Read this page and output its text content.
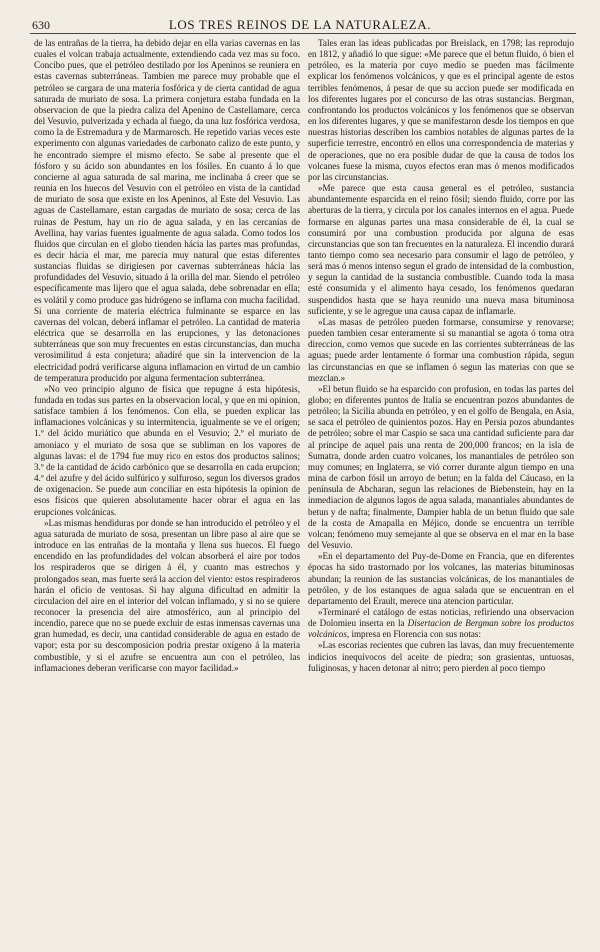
630	LOS TRES REINOS DE LA NATURALEZA.

de las entrañas de la tierra, ha debido dejar en ella varias cavernas en las cuales el volcan trabaja actualmente, extendiendo cada vez mas su foco. Concibo pues, que el petróleo destilado por los Apeninos se reuniera en estas cavernas subterráneas. Tambien me parece muy probable que el petróleo se cargara de una materia fosfórica y de cierta cantidad de agua saturada de muriato de sosa. La primera conjetura estaba fundada en la observacion de que la piedra caliza del Apenino de Castellamare, cerca del Vesuvio, pulverizada y echada al fuego, da una luz fosfórica verdosa, como la de Estremadura y de Marmarosch. He repetido varias veces este experimento con algunas variedades de carbonato calizo de este punto, y he encontrado siempre el mismo efecto. Se sabe al presente que el fósforo y su ácido son abundantes en los fósiles. En cuanto á lo que concierne al agua saturada de sal marina, me inclinaba á creer que se reunia en los huecos del Vesuvio con el petróleo en vista de la cantidad de muriato de sosa que existe en los Apeninos, al Este del Vesuvio. Las aguas de Castellamare, estan cargadas de muriato de sosa; cerca de las ruinas de Pestum, hay un rio de agua salada, y en las cercanías de Avellina, hay varias fuentes igualmente de agua salada. Como todos los fluidos que circulan en el globo tienden hácia las partes mas profundas, es decir hácia el mar, me parecia muy natural que estas diferentes sustancias fluidas se dirigiesen por cavernas subterráneas hácia las profundidades del Vesuvio, situado á la orilla del mar. Siendo el petróleo específicamente mas lijero que el agua salada, debe sobrenadar en ella; es volátil y como produce gas hidrógeno se inflama con mucha facilidad. Si una corriente de materia eléctrica fulminante se esparce en las cavernas del volcan, deberá inflamar el petróleo. La cantidad de materia eléctrica que se desarrolla en las erupciones, y las detonaciones subterráneas que son muy frecuentes en estas circunstancias, dan mucha verosimilitud á esta conjetura; añadiré que sin la intervencion de la electricidad podrá verificarse alguna inflamacion en virtud de un cambio de temperatura producido por alguna fermentacion subterránea.

»No veo principio alguno de física que repugne á esta hipótesis, fundada en todas sus partes en la observacion local, y que en mi opinion, satisface tambien á los fenómenos. Con ella, se pueden explicar las inflamaciones volcánicas y su intermitencia, igualmente se ve el orígen; 1.º del ácido muriático que abunda en el Vesuvio; 2.º el muriato de amoniaco y el muriato de sosa que se subliman en los vapores de algunas lavas: el de 1794 fue muy rico en estos dos productos salinos; 3.º de la cantidad de ácido carbónico que se desarrolla en cada erupcion; 4.º del azufre y del ácido sulfúrico y sulfuroso, segun los diversos grados de oxigenacion. Se puede aun conciliar en esta hipótesis la opinion de esos físicos que quieren absolutamente hacer obrar el agua en las erupciones volcánicas.

»Las mismas hendiduras por donde se han introducido el petróleo y el agua saturada de muriato de sosa, presentan un libre paso al aire que se introduce en las entrañas de la montaña y llena sus huecos. El fuego encendido en las profundidades del volcan absorberá el aire por todos los respiraderos que se dirigen á él, y cuanto mas estrechos y prolongados sean, mas fuerte será la accion del viento: estos respiraderos harán el oficio de ventosas. Si hay alguna dificultad en admitir la circulacion del aire en el interior del volcan inflamado, y si no se quiere reconocer la presencia del aire atmosférico, aun al principio del incendio, parece que no se puede excluir de estas inmensas cavernas una gran humedad, es decir, una cantidad considerable de agua en estado de vapor; esta por su descomposicion podria prestar oxígeno á la materia combustible, y si el azufre se encuentra aun con el petróleo, las inflamaciones deberan verificarse con mayor facilidad.»

Tales eran las ideas publicadas por Breislack, en 1798; las reprodujo en 1812, y añadió lo que sigue: «Me parece que el betun fluido, ó bien el petróleo, es la materia por cuyo medio se pueden mas fácilmente explicar los fenómenos volcánicos, y que es el principal agente de estos terribles fenómenos, á pesar de que su accion puede ser modificada en los diferentes lugares por el concurso de las otras sustancias. Bergman, confrontando los productos volcánicos y los fenómenos que se observan en los diferentes lugares, y que se manifestaron desde los tiempos en que nuestras historias describen los cambios notables de algunas partes de la superficie terrestre, encontró en ellos una correspondencia de materias y de operaciones, que no era posible dudar de que la causa de todos los volcanes fuese la misma, cuyos efectos eran mas ó menos modificados por las circunstancias.

»Me parece que esta causa general es el petróleo, sustancia abundantemente esparcida en el reino fósil; siendo fluido, corre por las aberturas de la tierra, y circula por los canales internos en el agua. Puede formarse en algunas partes una masa considerable de él, la cual se consumirá por una combustion producida por alguna de esas circunstancias que son tan frecuentes en la naturaleza. El incendio durará tanto tiempo como sea necesario para consumir el lago de petróleo, y será mas ó menos intenso segun el grado de intensidad de la combustion, y segun la cantidad de la sustancia combustible. Cuando toda la masa esté consumida y el alimento haya cesado, los fenómenos quedaran suspendidos hasta que se haya reunido una nueva masa bituminosa suficiente, y se le agregue una causa capaz de inflamarle.

»Las masas de petróleo pueden formarse, consumirse y renovarse; pueden tambien cesar enteramente si su manantial se agota ó toma otra direccion, como vemos que sucede en las corrientes subterráneas de las aguas; puede arder lentamente ó formar una combustion rápida, segun las circunstancias en que se inflamen ó segun las materias con que se mezclan.»

»El betun fluido se ha esparcido con profusion, en todas las partes del globo; en diferentes puntos de Italia se encuentran pozos abundantes de petróleo; la Sicilia abunda en petróleo, y en el golfo de Bengala, en Asia, se saca el petróleo de quinientos pozos. Hay en Persia pozos abundantes de petróleo; sobre el mar Caspio se saca una cantidad suficiente para dar al príncipe de aquel pais una renta de 200,000 francos; en la isla de Sumatra, donde arden cuatro volcanes, los manantiales de petróleo son muy comunes; en Inglaterra, se vió correr durante algun tiempo en una mina de carbon fósil un arroyo de betun; en la falda del Cáucaso, en la península de Abcharan, segun las relaciones de Biebenstein, hay en la inmediacion de algunos lagos de agua salada, manantiales abundantes de betun y de nafta; finalmente, Dampier habla de un betun fluido que sale de la costa de Amapalla en Méjico, donde se encuentra un terrible volcan; fenómeno muy semejante al que se observa en el mar en la base del Vesuvio.

»En el departamento del Puy-de-Dome en Francia, que en diferentes épocas ha sido trastornado por los volcanes, las materias bituminosas abundan; la reunion de las sustancias volcánicas, de los manantiales de petróleo, y de los estanques de agua salada que se encuentran en el departamento del Erault, merece una atencion particular.

»Terminaré el catálogo de estas noticias, refiriendo una observacion de Dolomieu inserta en la Disertacion de Bergman sobre los productos volcánicos, impresa en Florencia con sus notas:

»Las escorias recientes que cubren las lavas, dan muy frecuentemente indicios inequívocos del aceite de piedra; son grasientas, untuosas, fuliginosas, y hacen detonar al nitro; pero pierden al poco tiempo
